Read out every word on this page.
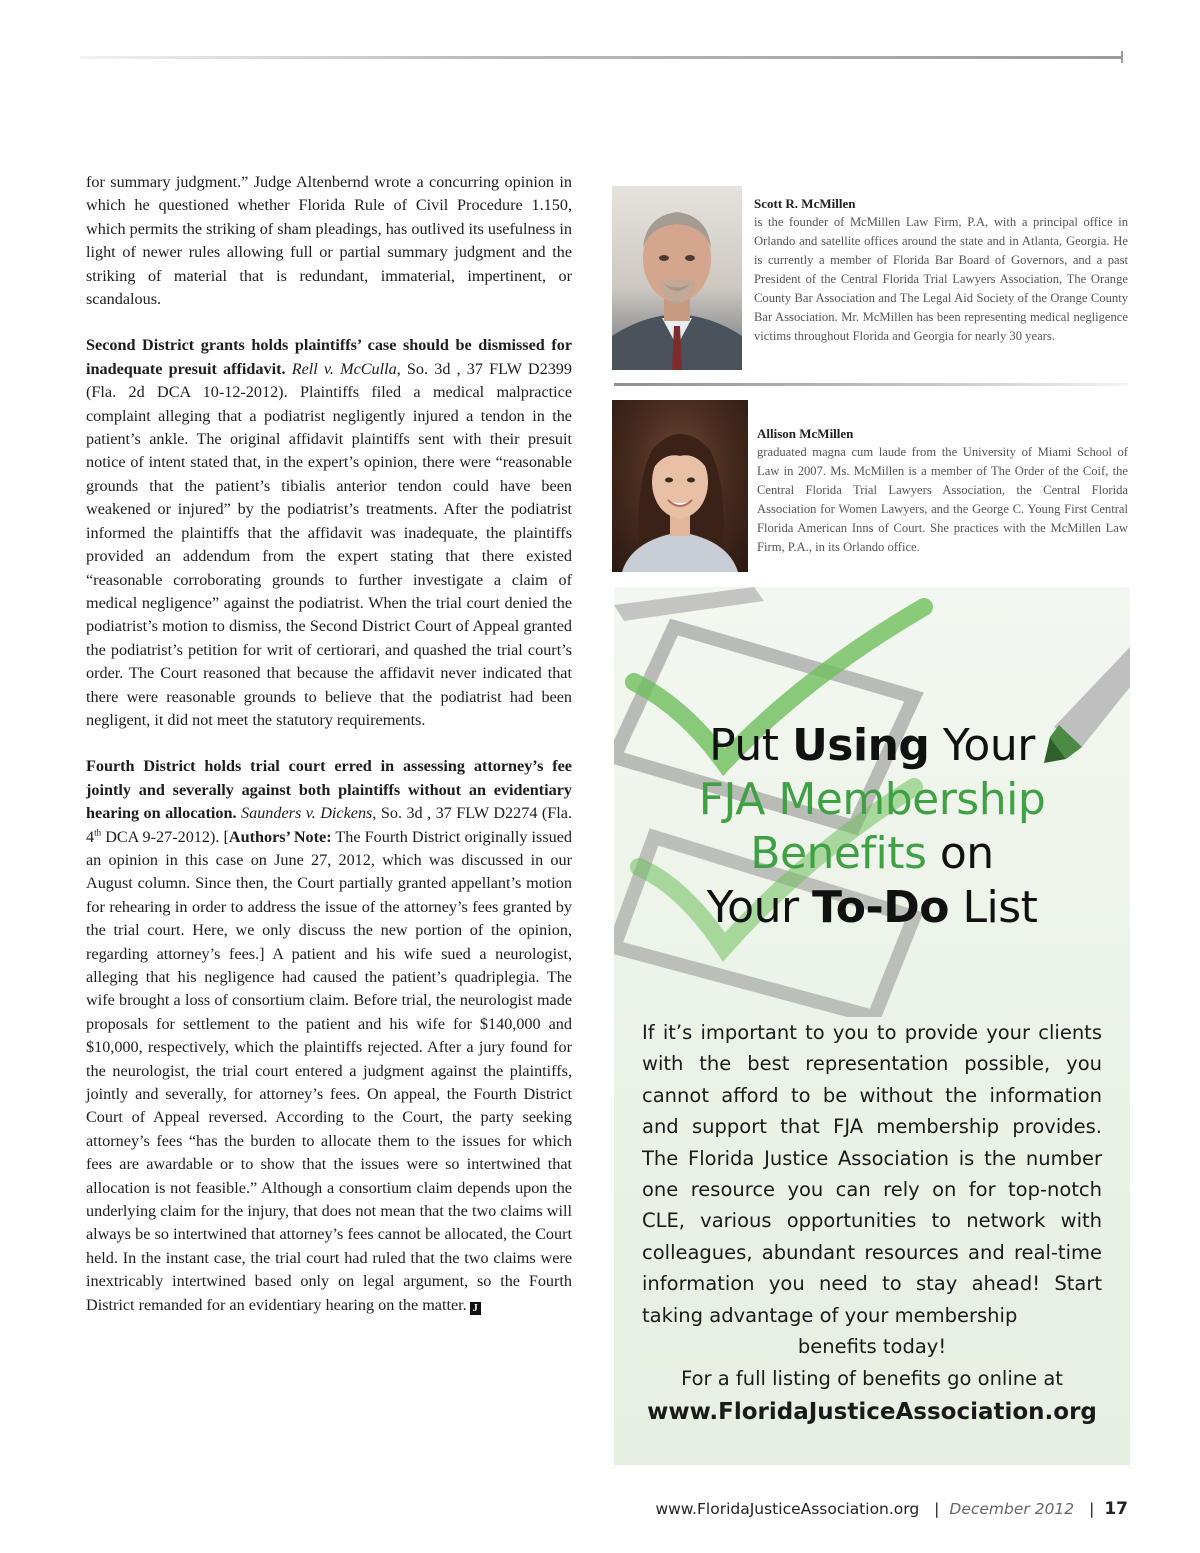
for summary judgment.” Judge Altenbernd wrote a concurring opinion in which he questioned whether Florida Rule of Civil Procedure 1.150, which permits the striking of sham pleadings, has outlived its usefulness in light of newer rules allowing full or partial summary judgment and the striking of material that is redundant, immaterial, impertinent, or scandalous.

Second District grants holds plaintiffs’ case should be dismissed for inadequate presuit affidavit. Rell v. McCulla, So. 3d , 37 FLW D2399 (Fla. 2d DCA 10-12-2012). Plaintiffs filed a medical malpractice complaint alleging that a podiatrist negligently injured a tendon in the patient’s ankle. The original affidavit plaintiffs sent with their presuit notice of intent stated that, in the expert’s opinion, there were “reasonable grounds that the patient’s tibialis anterior tendon could have been weakened or injured” by the podiatrist’s treatments. After the podiatrist informed the plaintiffs that the affidavit was inadequate, the plaintiffs provided an addendum from the expert stating that there existed “reasonable corroborating grounds to further investigate a claim of medical negligence” against the podiatrist. When the trial court denied the podiatrist’s motion to dismiss, the Second District Court of Appeal granted the podiatrist’s petition for writ of certiorari, and quashed the trial court’s order. The Court reasoned that because the affidavit never indicated that there were reasonable grounds to believe that the podiatrist had been negligent, it did not meet the statutory requirements.

Fourth District holds trial court erred in assessing attorney’s fee jointly and severally against both plaintiffs without an evidentiary hearing on allocation. Saunders v. Dickens, So. 3d , 37 FLW D2274 (Fla. 4th DCA 9-27-2012). [Authors’ Note: The Fourth District originally issued an opinion in this case on June 27, 2012, which was discussed in our August column. Since then, the Court partially granted appellant’s motion for rehearing in order to address the issue of the attorney’s fees granted by the trial court. Here, we only discuss the new portion of the opinion, regarding attorney’s fees.] A patient and his wife sued a neurologist, alleging that his negligence had caused the patient’s quadriplegia. The wife brought a loss of consortium claim. Before trial, the neurologist made proposals for settlement to the patient and his wife for $140,000 and $10,000, respectively, which the plaintiffs rejected. After a jury found for the neurologist, the trial court entered a judgment against the plaintiffs, jointly and severally, for attorney’s fees. On appeal, the Fourth District Court of Appeal reversed. According to the Court, the party seeking attorney’s fees “has the burden to allocate them to the issues for which fees are awardable or to show that the issues were so intertwined that allocation is not feasible.” Although a consortium claim depends upon the underlying claim for the injury, that does not mean that the two claims will always be so intertwined that attorney’s fees cannot be allocated, the Court held. In the instant case, the trial court had ruled that the two claims were inextricably intertwined based only on legal argument, so the Fourth District remanded for an evidentiary hearing on the matter. J

Scott R. McMillen
is the founder of McMillen Law Firm, P.A, with a principal office in Orlando and satellite offices around the state and in Atlanta, Georgia. He is currently a member of Florida Bar Board of Governors, and a past President of the Central Florida Trial Lawyers Association, The Orange County Bar Association and The Legal Aid Society of the Orange County Bar Association. Mr. McMillen has been representing medical negligence victims throughout Florida and Georgia for nearly 30 years.
Allison McMillen
graduated magna cum laude from the University of Miami School of Law in 2007. Ms. McMillen is a member of The Order of the Coif, the Central Florida Trial Lawyers Association, the Central Florida Association for Women Lawyers, and the George C. Young First Central Florida American Inns of Court. She practices with the McMillen Law Firm, P.A., in its Orlando office.
Put Using Your
FJA Membership
Benefits on
Your To-Do List
If it’s important to you to provide your clients with the best representation possible, you cannot afford to be without the information and support that FJA membership provides. The Florida Justice Association is the number one resource you can rely on for top-notch CLE, various opportunities to network with colleagues, abundant resources and real-time information you need to stay ahead! Start taking advantage of your membership
benefits today!
For a full listing of benefits go online at
www.FloridaJusticeAssociation.org
www.FloridaJusticeAssociation.org | December 2012 | 17
